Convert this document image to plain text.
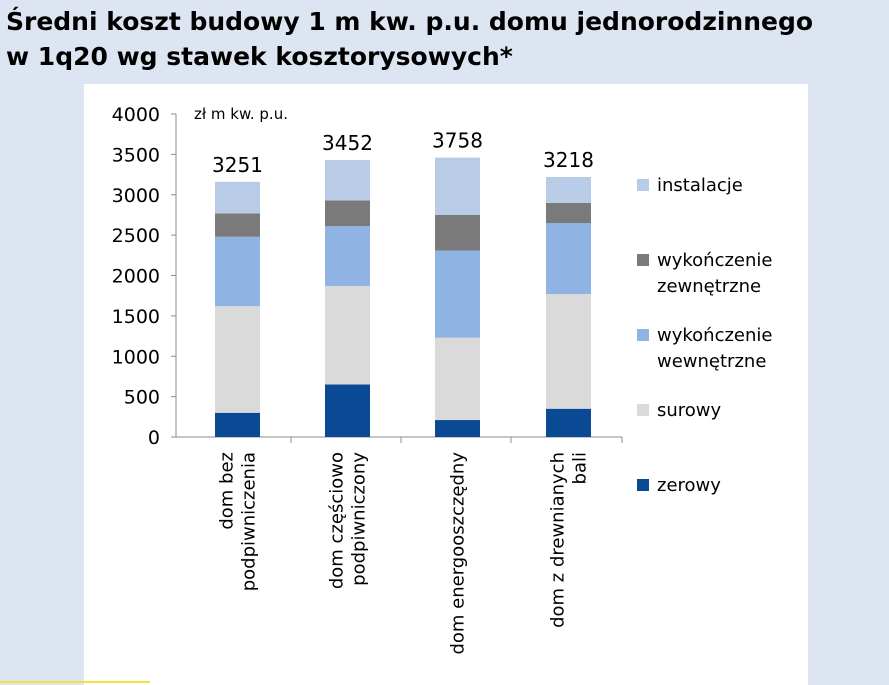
Średni koszt budowy 1 m kw. p.u. domu jednorodzinnego
w 1q20 wg stawek kosztorysowych*
0
500
1000
1500
2000
2500
3000
3500
4000 zł m kw. p.u.
3251
dom bez podpiwniczenia
3452
dom częściowo podpiwniczony
3758
dom energooszczędny
3218
dom z drewnianych bali
instalacje
wykończenie
zewnętrzne
wykończenie
wewnętrzne
surowy
zerowy
